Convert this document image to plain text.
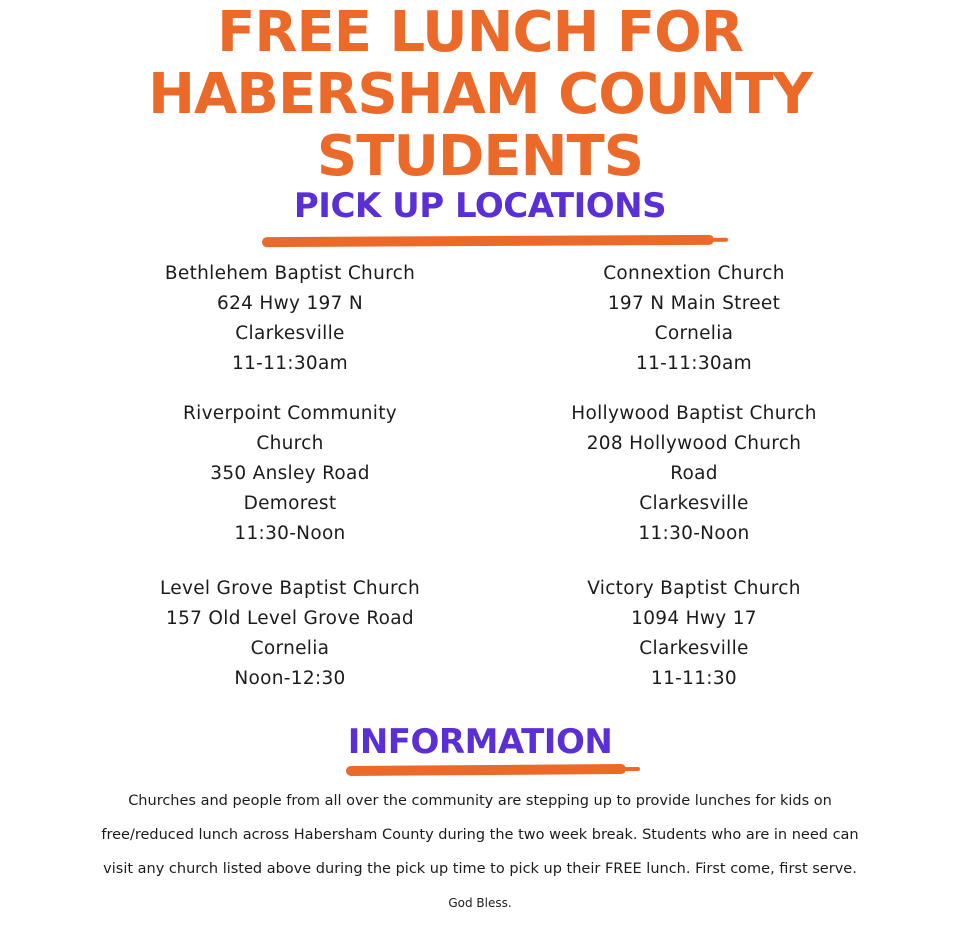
FREE LUNCH FOR
HABERSHAM COUNTY
STUDENTS
PICK UP LOCATIONS
Bethlehem Baptist Church
624 Hwy 197 N
Clarkesville
11-11:30am
Connextion Church
197 N Main Street
Cornelia
11-11:30am
Riverpoint Community
Church
350 Ansley Road
Demorest
11:30-Noon
Hollywood Baptist Church
208 Hollywood Church
Road
Clarkesville
11:30-Noon
Level Grove Baptist Church
157 Old Level Grove Road
Cornelia
Noon-12:30
Victory Baptist Church
1094 Hwy 17
Clarkesville
11-11:30
INFORMATION
Churches and people from all over the community are stepping up to provide lunches for kids on
free/reduced lunch across Habersham County during the two week break. Students who are in need can
visit any church listed above during the pick up time to pick up their FREE lunch. First come, first serve.
God Bless.
